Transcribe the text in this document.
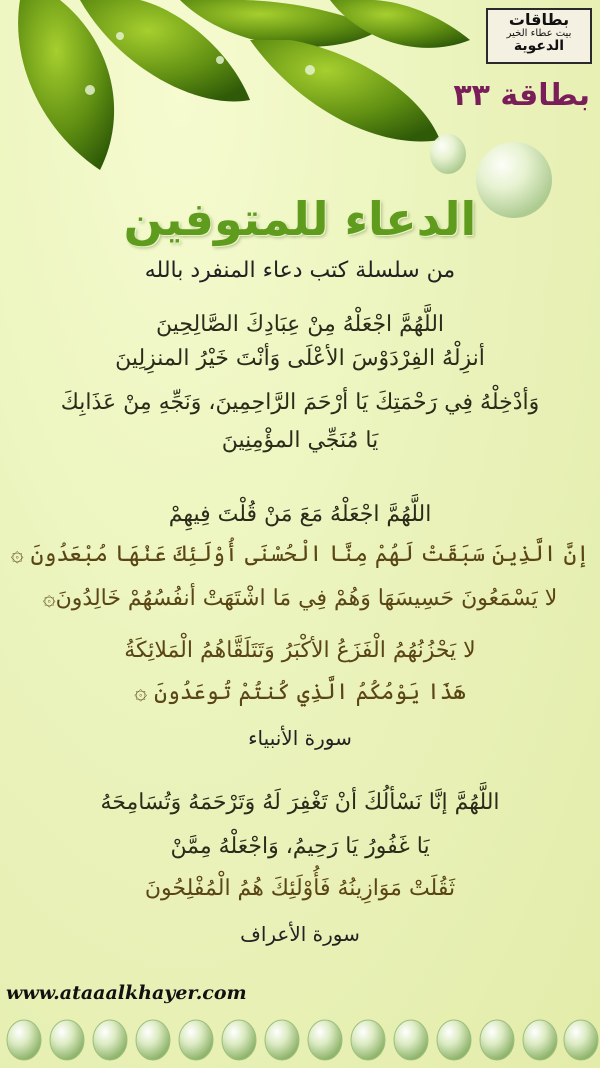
بطاقات
بيت عطاء الخير
الدعوية
بطاقة ٣٣
الدعاء للمتوفين
من سلسلة كتب دعاء المنفرد بالله
اللَّهُمَّ اجْعَلْهُ مِنْ عِبَادِكَ الصَّالِحِينَ
أنزِلْهُ الفِرْدَوْسَ الأعْلَى وَأنْتَ خَيْرُ المنزِلِينَ
وَأدْخِلْهُ فِي رَحْمَتِكَ يَا أرْحَمَ الرَّاحِمِينَ، وَنَجِّهِ مِنْ عَذَابِكَ
يَا مُنَجِّي المؤْمِنِينَ
اللَّهُمَّ اجْعَلْهُ مَعَ مَنْ قُلْتَ فِيهِمْ
إنَّ الَّذِينَ سَبَقَتْ لَهُمْ مِنَّا الْحُسْنَى أُوْلَئِكَ عَنْهَا مُبْعَدُونَ ۞
لا يَسْمَعُونَ حَسِيسَهَا وَهُمْ فِي مَا اشْتَهَتْ أنفُسُهُمْ خَالِدُونَ۞
لا يَحْزُنُهُمُ الْفَزَعُ الأكْبَرُ وَتَتَلَقَّاهُمُ الْمَلائِكَةُ
هَذَا يَوْمُكُمُ الَّذِي كُنتُمْ تُوعَدُونَ ۞
سورة الأنبياء
اللَّهُمَّ إنَّا نَسْألُكَ أنْ تَغْفِرَ لَهُ وَتَرْحَمَهُ وَتُسَامِحَهُ
يَا غَفُورُ يَا رَحِيمُ، وَاجْعَلْهُ مِمَّنْ
ثَقُلَتْ مَوَازِينُهُ فَأُوْلَئِكَ هُمُ الْمُفْلِحُونَ
سورة الأعراف
www.ataaalkhayer.com
